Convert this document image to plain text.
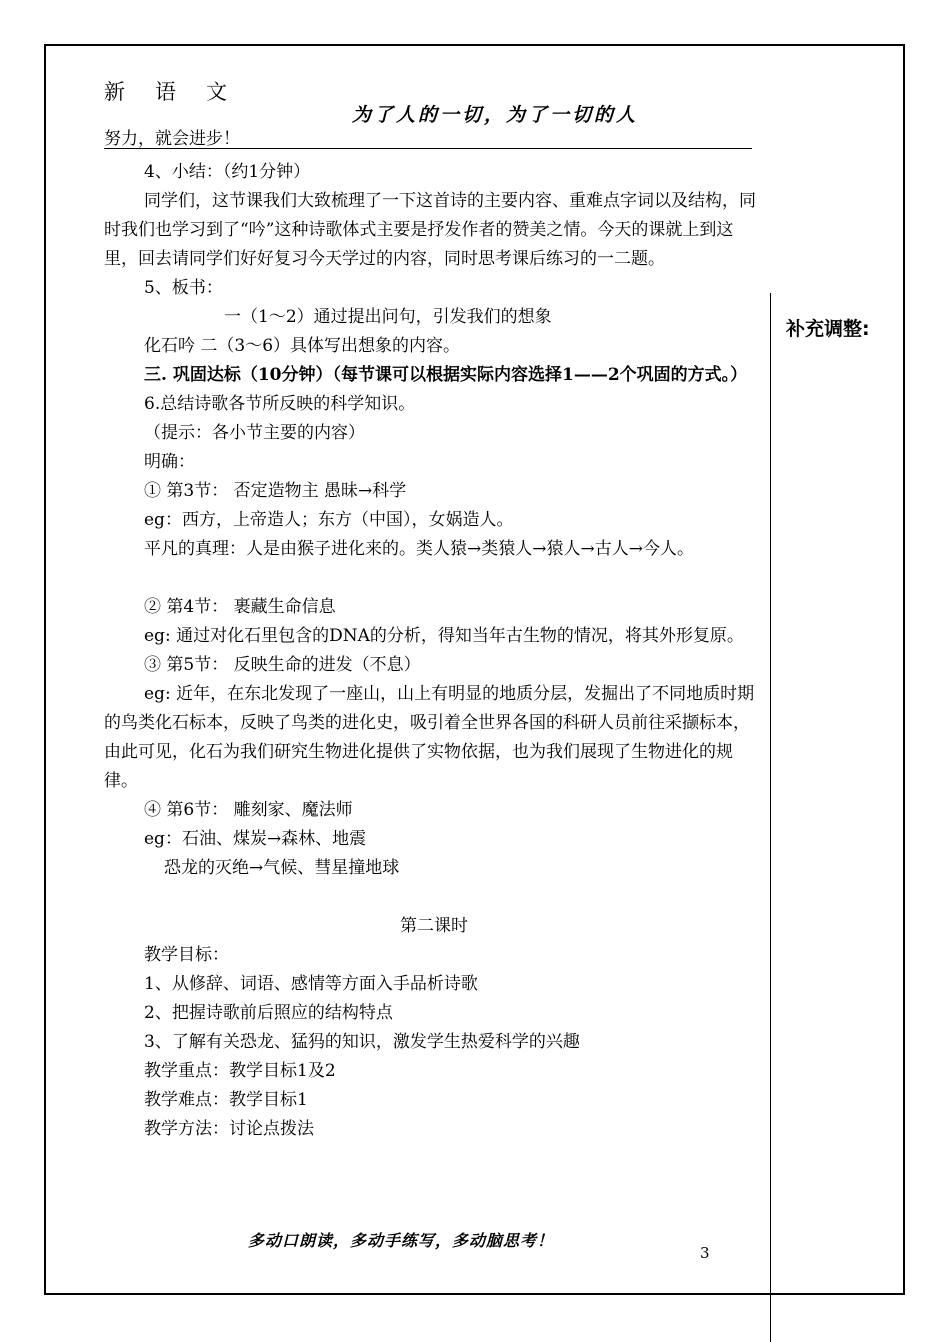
新语文
为了人的一切，为了一切的人
努力，就会进步！
补充调整:

4、小结：（约1分钟）

同学们，这节课我们大致梳理了一下这首诗的主要内容、重难点字词以及结构，同时我们也学习到了“吟”这种诗歌体式主要是抒发作者的赞美之情。今天的课就上到这里，回去请同学们好好复习今天学过的内容，同时思考课后练习的一二题。

5、板书：

一（1～2）通过提出问句，引发我们的想象

化石吟 二（3～6）具体写出想象的内容。

三. 巩固达标（10分钟）（每节课可以根据实际内容选择1——2个巩固的方式。）

6.总结诗歌各节所反映的科学知识。

（提示：各小节主要的内容）

明确：

① 第3节： 否定造物主 愚昧→科学

eg：西方，上帝造人；东方（中国），女娲造人。

平凡的真理：人是由猴子进化来的。类人猿→类猿人→猿人→古人→今人。

② 第4节： 裹藏生命信息

eg: 通过对化石里包含的DNA的分析，得知当年古生物的情况，将其外形复原。

③ 第5节： 反映生命的进发（不息）

eg: 近年，在东北发现了一座山，山上有明显的地质分层，发掘出了不同地质时期的鸟类化石标本，反映了鸟类的进化史，吸引着全世界各国的科研人员前往采撷标本，由此可见，化石为我们研究生物进化提供了实物依据，也为我们展现了生物进化的规律。

④ 第6节： 雕刻家、魔法师

eg：石油、煤炭→森林、地震

恐龙的灭绝→气候、彗星撞地球

第二课时

教学目标：

1、从修辞、词语、感情等方面入手品析诗歌

2、把握诗歌前后照应的结构特点

3、了解有关恐龙、猛犸的知识，激发学生热爱科学的兴趣

教学重点：教学目标1及2

教学难点：教学目标1

教学方法：讨论点拨法

多动口朗读，多动手练写，多动脑思考！
3
